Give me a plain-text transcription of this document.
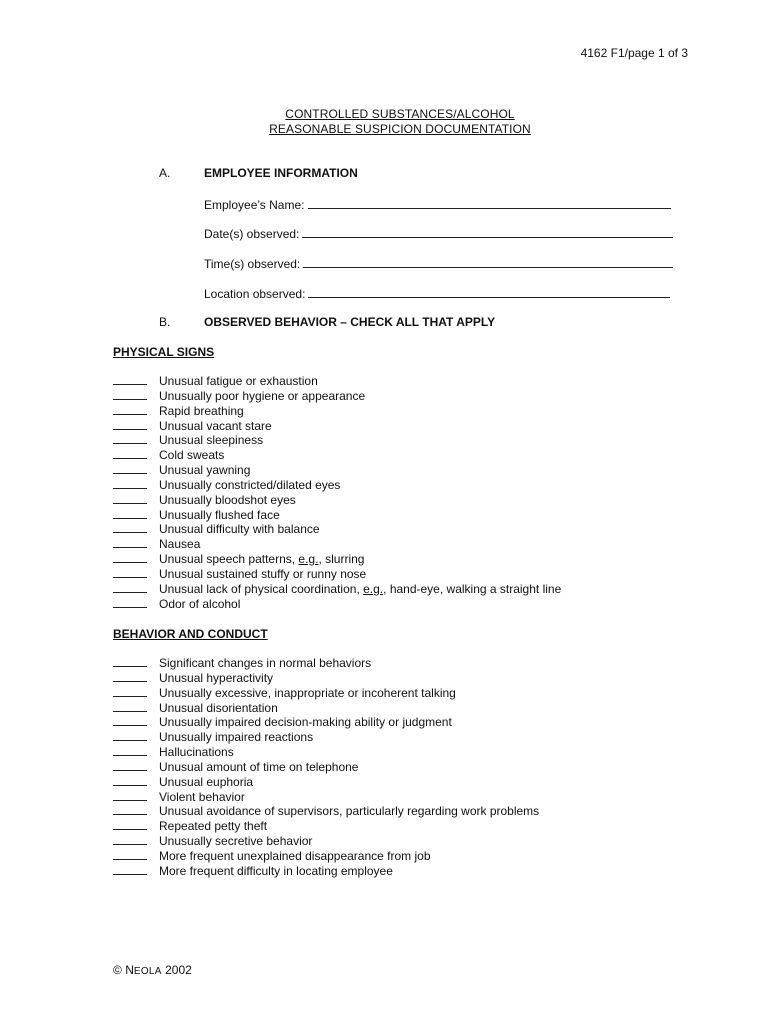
4162 F1/page 1 of 3
CONTROLLED SUBSTANCES/ALCOHOL
REASONABLE SUSPICION DOCUMENTATION
A.	EMPLOYEE INFORMATION
Employee’s Name:
Date(s) observed:
Time(s) observed:
Location observed:
B.	OBSERVED BEHAVIOR – CHECK ALL THAT APPLY
PHYSICAL SIGNS
Unusual fatigue or exhaustion
Unusually poor hygiene or appearance
Rapid breathing
Unusual vacant stare
Unusual sleepiness
Cold sweats
Unusual yawning
Unusually constricted/dilated eyes
Unusually bloodshot eyes
Unusually flushed face
Unusual difficulty with balance
Nausea
Unusual speech patterns, e.g., slurring
Unusual sustained stuffy or runny nose
Unusual lack of physical coordination, e.g., hand-eye, walking a straight line
Odor of alcohol
BEHAVIOR AND CONDUCT
Significant changes in normal behaviors
Unusual hyperactivity
Unusually excessive, inappropriate or incoherent talking
Unusual disorientation
Unusually impaired decision-making ability or judgment
Unusually impaired reactions
Hallucinations
Unusual amount of time on telephone
Unusual euphoria
Violent behavior
Unusual avoidance of supervisors, particularly regarding work problems
Repeated petty theft
Unusually secretive behavior
More frequent unexplained disappearance from job
More frequent difficulty in locating employee
© NEOLA 2002
